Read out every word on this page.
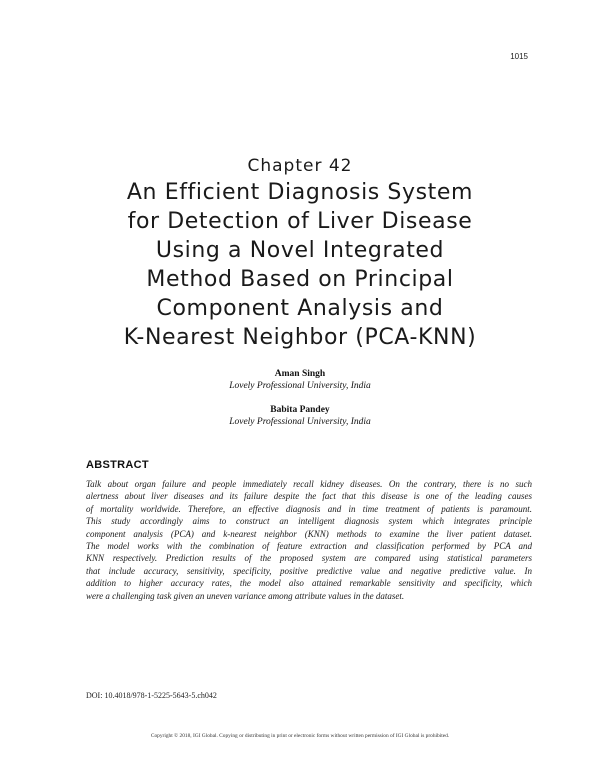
1015
Chapter 42
An Efficient Diagnosis System
for Detection of Liver Disease
Using a Novel Integrated
Method Based on Principal
Component Analysis and
K-Nearest Neighbor (PCA-KNN)
Aman Singh
Lovely Professional University, India
Babita Pandey
Lovely Professional University, India
ABSTRACT
Talk about organ failure and people immediately recall kidney diseases. On the contrary, there is no such
alertness about liver diseases and its failure despite the fact that this disease is one of the leading causes
of mortality worldwide. Therefore, an effective diagnosis and in time treatment of patients is paramount.
This study accordingly aims to construct an intelligent diagnosis system which integrates principle
component analysis (PCA) and k-nearest neighbor (KNN) methods to examine the liver patient dataset.
The model works with the combination of feature extraction and classification performed by PCA and
KNN respectively. Prediction results of the proposed system are compared using statistical parameters
that include accuracy, sensitivity, specificity, positive predictive value and negative predictive value. In
addition to higher accuracy rates, the model also attained remarkable sensitivity and specificity, which
were a challenging task given an uneven variance among attribute values in the dataset.
DOI: 10.4018/978-1-5225-5643-5.ch042
Copyright © 2018, IGI Global. Copying or distributing in print or electronic forms without written permission of IGI Global is prohibited.
